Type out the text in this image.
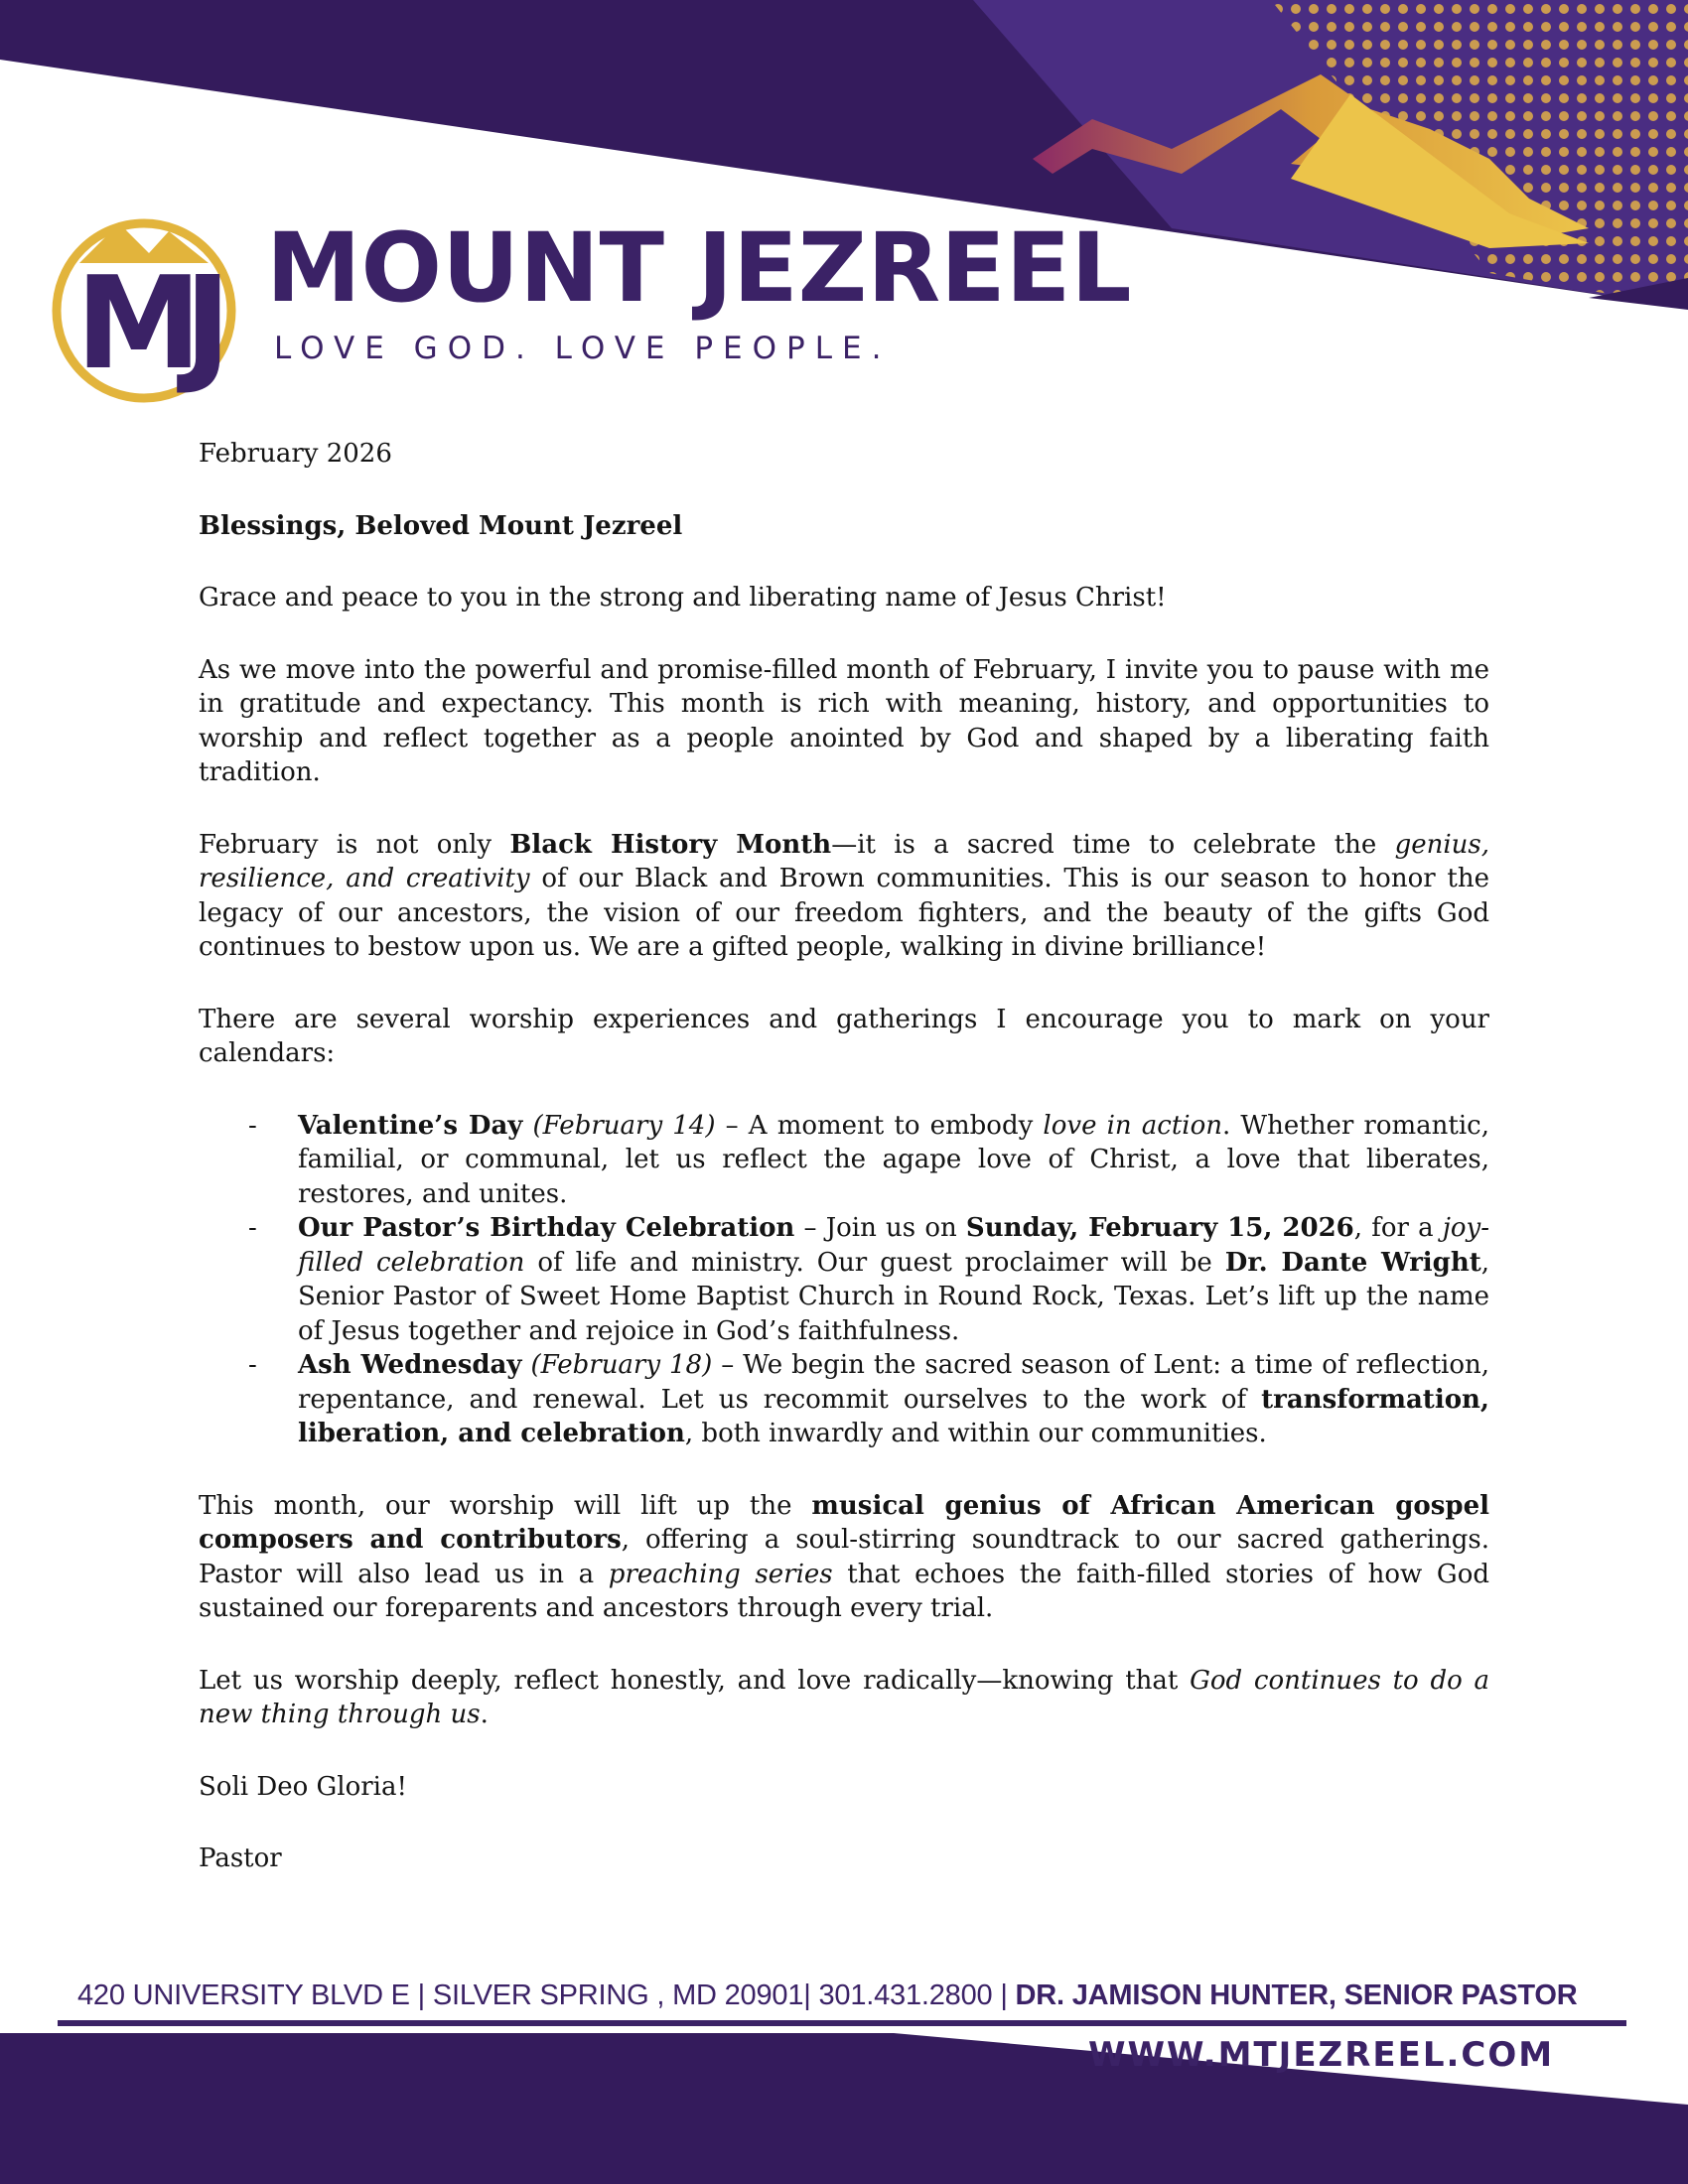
MJ MOUNT JEZREEL
LOVE GOD. LOVE PEOPLE.

February 2026

Blessings, Beloved Mount Jezreel

Grace and peace to you in the strong and liberating name of Jesus Christ!

As we move into the powerful and promise-filled month of February, I invite you to pause with me in gratitude and expectancy. This month is rich with meaning, history, and opportunities to worship and reflect together as a people anointed by God and shaped by a liberating faith tradition.

February is not only Black History Month—it is a sacred time to celebrate the genius, resilience, and creativity of our Black and Brown communities. This is our season to honor the legacy of our ancestors, the vision of our freedom fighters, and the beauty of the gifts God continues to bestow upon us. We are a gifted people, walking in divine brilliance!

There are several worship experiences and gatherings I encourage you to mark on your calendars:

- Valentine’s Day (February 14) – A moment to embody love in action. Whether romantic, familial, or communal, let us reflect the agape love of Christ, a love that liberates, restores, and unites.
- Our Pastor’s Birthday Celebration – Join us on Sunday, February 15, 2026, for a joy-filled celebration of life and ministry. Our guest proclaimer will be Dr. Dante Wright, Senior Pastor of Sweet Home Baptist Church in Round Rock, Texas. Let’s lift up the name of Jesus together and rejoice in God’s faithfulness.
- Ash Wednesday (February 18) – We begin the sacred season of Lent: a time of reflection, repentance, and renewal. Let us recommit ourselves to the work of transformation, liberation, and celebration, both inwardly and within our communities.

This month, our worship will lift up the musical genius of African American gospel composers and contributors, offering a soul-stirring soundtrack to our sacred gatherings. Pastor will also lead us in a preaching series that echoes the faith-filled stories of how God sustained our foreparents and ancestors through every trial.

Let us worship deeply, reflect honestly, and love radically—knowing that God continues to do a new thing through us.

Soli Deo Gloria!

Pastor

420 UNIVERSITY BLVD E | SILVER SPRING , MD 20901| 301.431.2800 | DR. JAMISON HUNTER, SENIOR PASTOR
WWW.MTJEZREEL.COM
